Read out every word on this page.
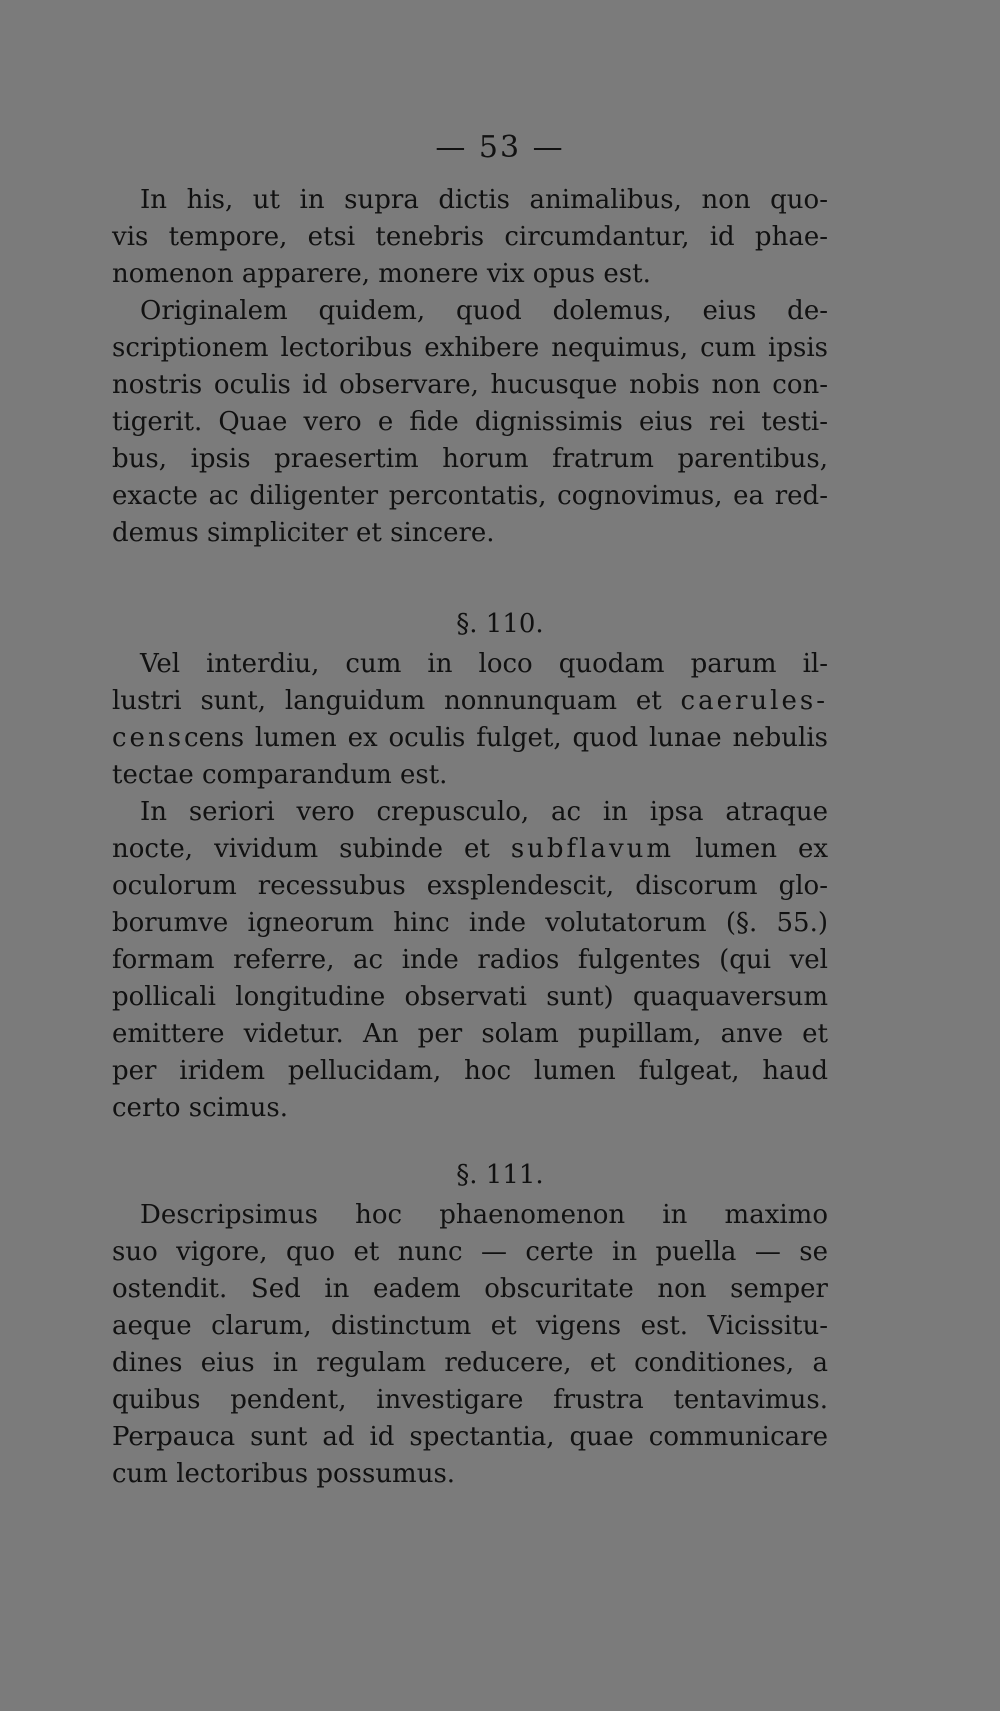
— 53 —

In his, ut in supra dictis animalibus, non quo-
vis tempore, etsi tenebris circumdantur, id phae-
nomenon apparere, monere vix opus est.

Originalem quidem, quod dolemus, eius de-
scriptionem lectoribus exhibere nequimus, cum ipsis
nostris oculis id observare, hucusque nobis non con-
tigerit. Quae vero e fide dignissimis eius rei testi-
bus, ipsis praesertim horum fratrum parentibus,
exacte ac diligenter percontatis, cognovimus, ea red-
demus simpliciter et sincere.

§. 110.

Vel interdiu, cum in loco quodam parum il-
lustri sunt, languidum nonnunquam et caerules-
censcens lumen ex oculis fulget, quod lunae nebulis
tectae comparandum est.

In seriori vero crepusculo, ac in ipsa atraque
nocte, vividum subinde et subflavum lumen ex
oculorum recessubus exsplendescit, discorum glo-
borumve igneorum hinc inde volutatorum (§. 55.)
formam referre, ac inde radios fulgentes (qui vel
pollicali longitudine observati sunt) quaquaversum
emittere videtur. An per solam pupillam, anve et
per iridem pellucidam, hoc lumen fulgeat, haud
certo scimus.

§. 111.

Descripsimus hoc phaenomenon in maximo
suo vigore, quo et nunc — certe in puella — se
ostendit. Sed in eadem obscuritate non semper
aeque clarum, distinctum et vigens est. Vicissitu-
dines eius in regulam reducere, et conditiones, a
quibus pendent, investigare frustra tentavimus.
Perpauca sunt ad id spectantia, quae communicare
cum lectoribus possumus.
